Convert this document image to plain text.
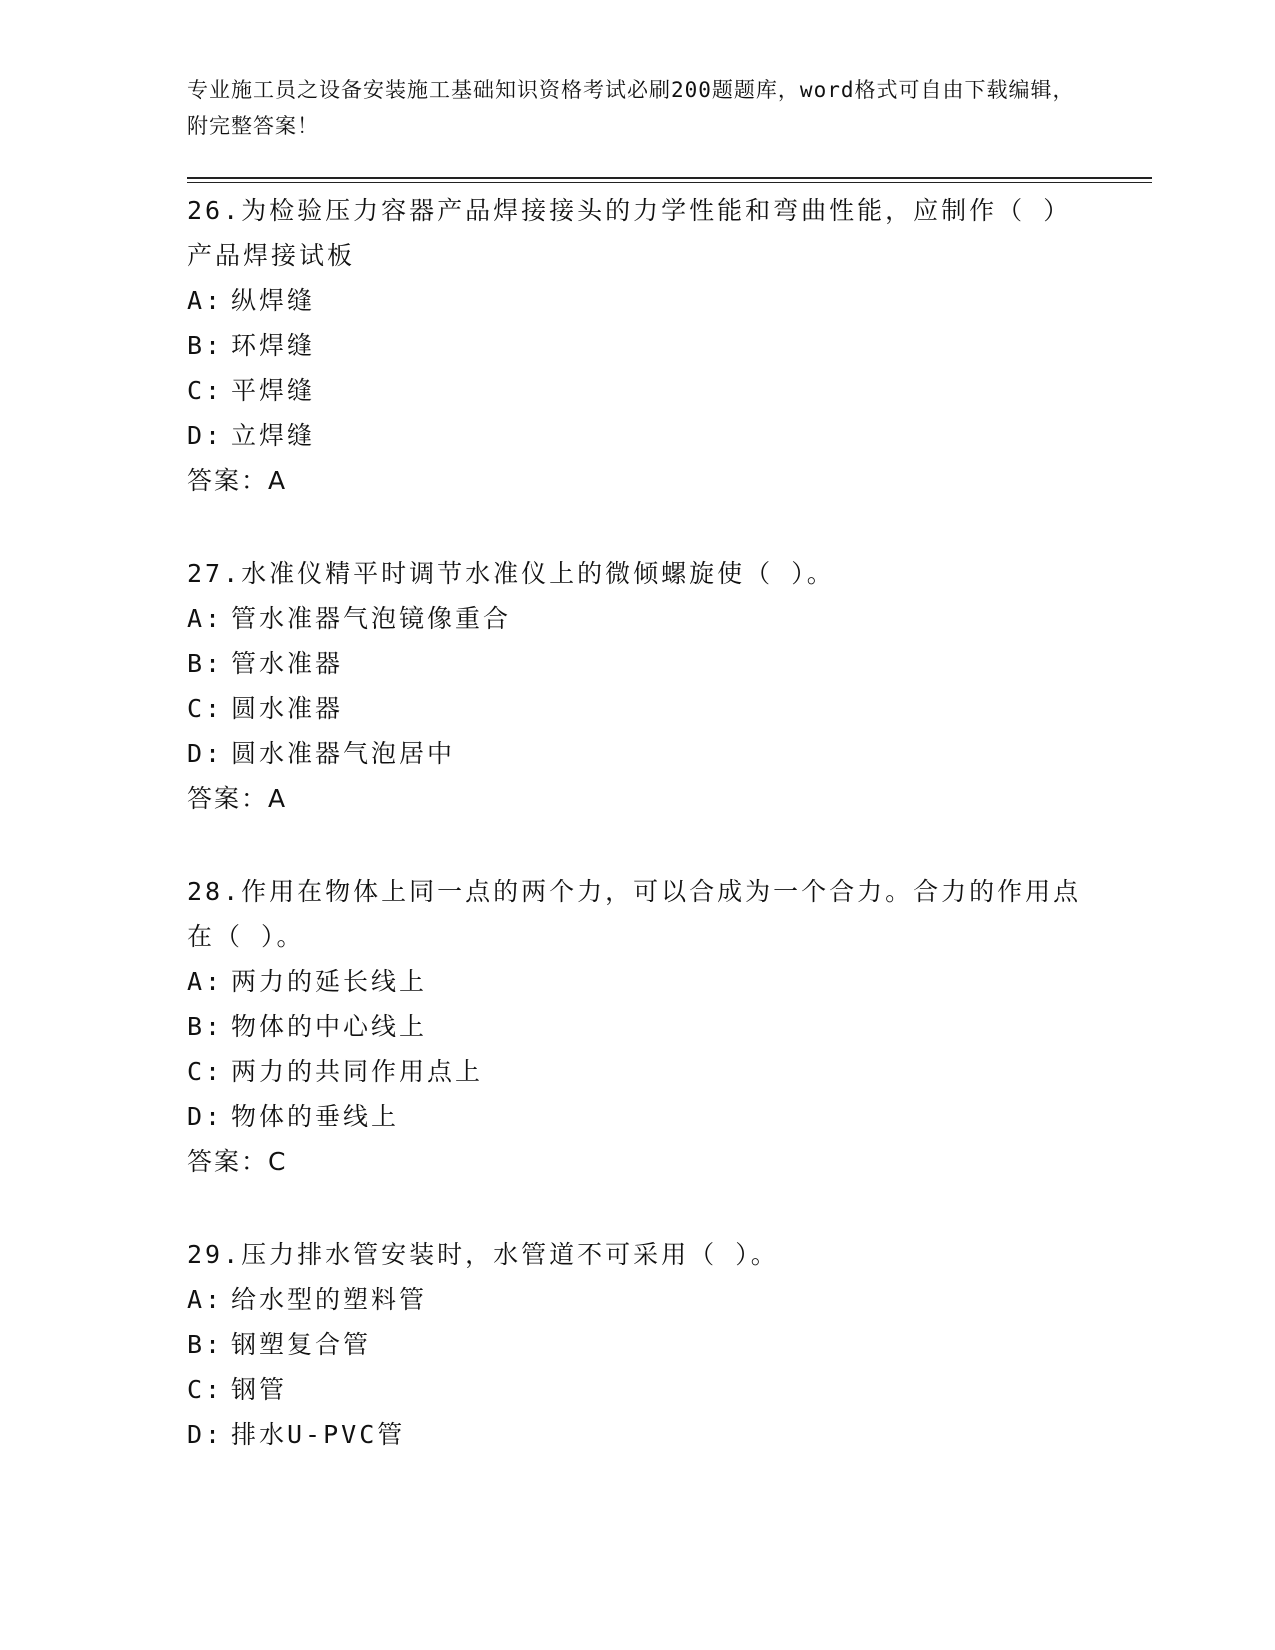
专业施工员之设备安装施工基础知识资格考试必刷200题题库，word格式可自由下载编辑，附完整答案！
26.为检验压力容器产品焊接接头的力学性能和弯曲性能，应制作（ ）产品焊接试板
A: 纵焊缝
B: 环焊缝
C: 平焊缝
D: 立焊缝
答案：A
27.水准仪精平时调节水准仪上的微倾螺旋使（ ）。
A: 管水准器气泡镜像重合
B: 管水准器
C: 圆水准器
D: 圆水准器气泡居中
答案：A
28.作用在物体上同一点的两个力，可以合成为一个合力。合力的作用点在（ ）。
A: 两力的延长线上
B: 物体的中心线上
C: 两力的共同作用点上
D: 物体的垂线上
答案：C
29.压力排水管安装时，水管道不可采用（ ）。
A: 给水型的塑料管
B: 钢塑复合管
C: 钢管
D: 排水U-PVC管
